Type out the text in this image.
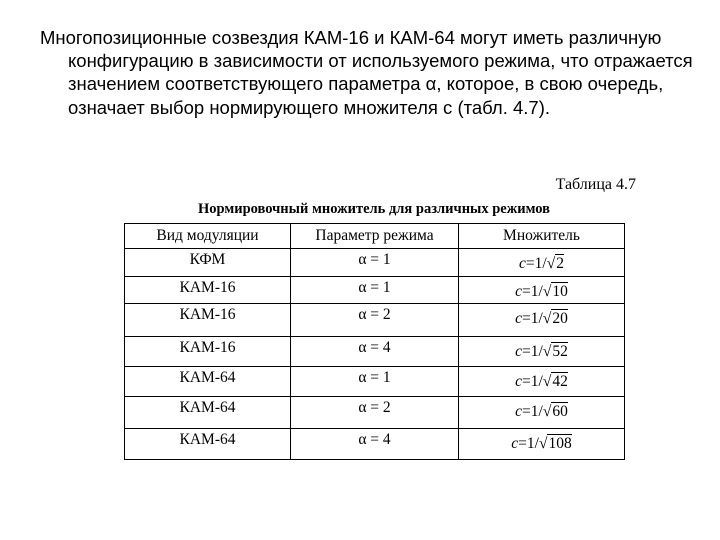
Многопозиционные созвездия КАМ-16 и КАМ-64 могут иметь различную конфигурацию в зависимости от используемого режима, что отражается значением соответствующего параметра α, которое, в свою очередь, означает выбор нормирующего множителя с (табл. 4.7).
Таблица 4.7
Нормировочный множитель для различных режимов
Вид модуляции	Параметр режима	Множитель
КФМ	α = 1	c=1/√2
КАМ-16	α = 1	c=1/√10
КАМ-16	α = 2	c=1/√20
КАМ-16	α = 4	c=1/√52
КАМ-64	α = 1	c=1/√42
КАМ-64	α = 2	c=1/√60
КАМ-64	α = 4	c=1/√108
